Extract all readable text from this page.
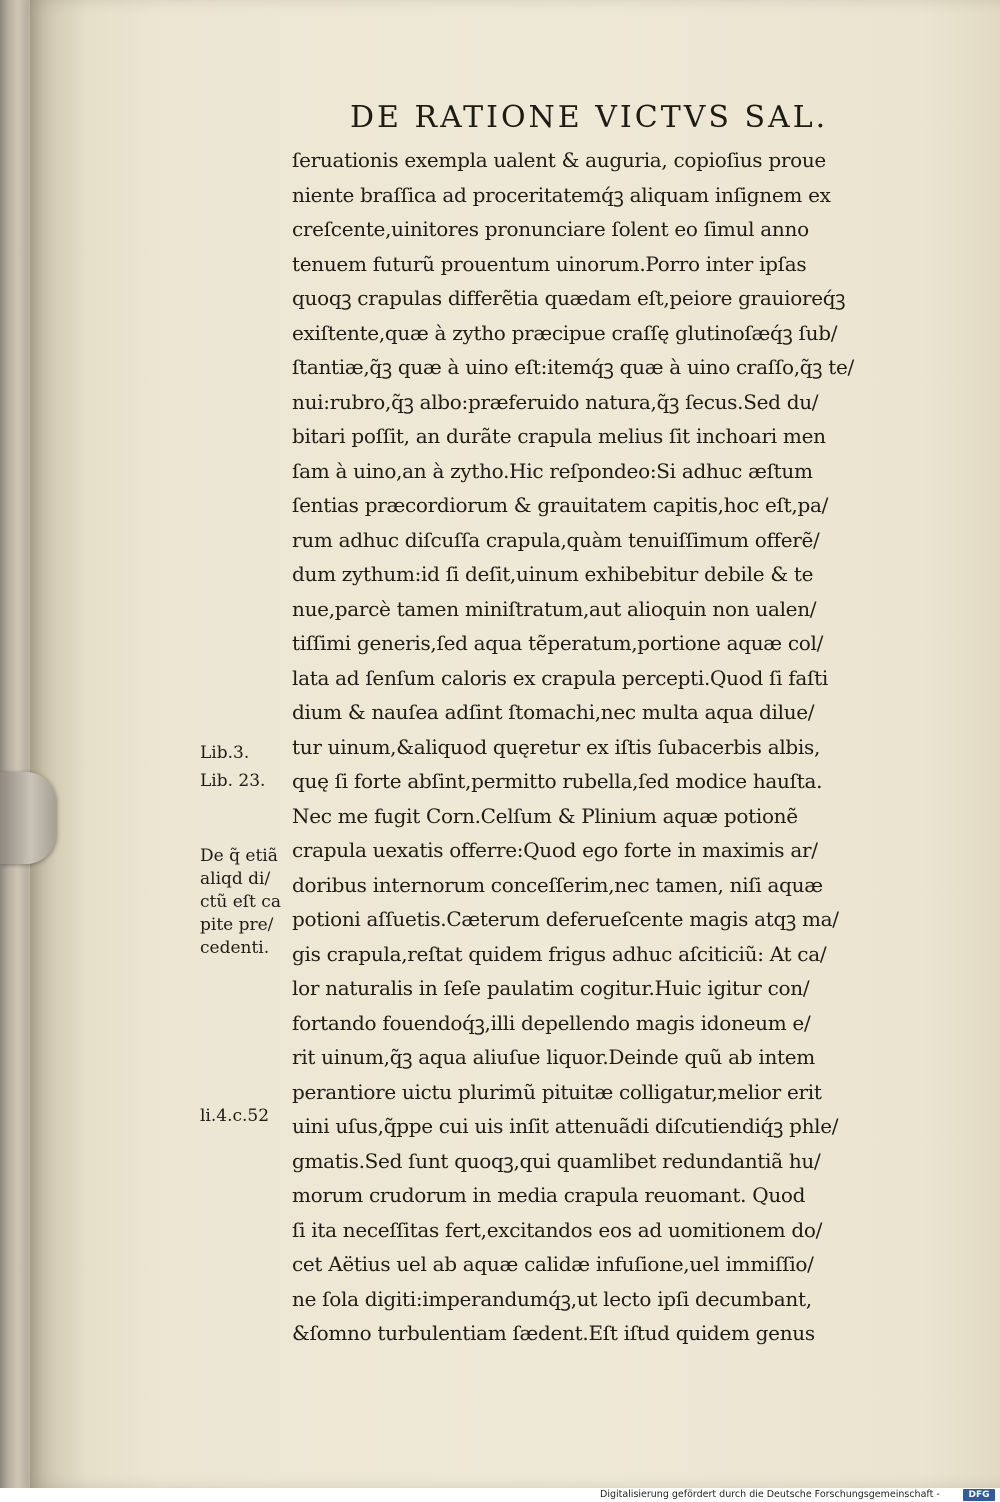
DE RATIONE VICTVS SAL.
ſeruationis exempla ualent & auguria, copioſius proue
niente braſſica ad proceritatemq́ꝫ aliquam inſignem ex
creſcente,uinitores pronunciare ſolent eo ſimul anno
tenuem futurũ prouentum uinorum.Porro inter ipſas
quoqꝫ crapulas differẽtia quædam eſt,peiore grauioreq́ꝫ
exiſtente,quæ à zytho præcipue craſſę glutinoſæq́ꝫ ſub/
ſtantiæ,q̃ꝫ quæ à uino eſt:itemq́ꝫ quæ à uino craſſo,q̃ꝫ te/
nui:rubro,q̃ꝫ albo:præferuido natura,q̃ꝫ ſecus.Sed du/
bitari poſſit, an durãte crapula melius ſit inchoari men
ſam à uino,an à zytho.Hic reſpondeo:Si adhuc æſtum
ſentias præcordiorum & grauitatem capitis,hoc eſt,pa/
rum adhuc diſcuſſa crapula,quàm tenuiſſimum offerẽ/
dum zythum:id ſi deſit,uinum exhibebitur debile & te
nue,parcè tamen miniſtratum,aut alioquin non ualen/
tiſſimi generis,ſed aqua tẽperatum,portione aquæ col/
lata ad ſenſum caloris ex crapula percepti.Quod ſi faſti
dium & nauſea adſint ſtomachi,nec multa aqua dilue/
tur uinum,&aliquod quęretur ex iſtis ſubacerbis albis,
quę ſi forte abſint,permitto rubella,ſed modice hauſta.
Nec me fugit Corn.Celſum & Plinium aquæ potionẽ
crapula uexatis offerre:Quod ego forte in maximis ar/
doribus internorum conceſſerim,nec tamen, niſi aquæ
potioni aſſuetis.Cæterum deferueſcente magis atqꝫ ma/
gis crapula,reſtat quidem frigus adhuc aſciticiũ: At ca/
lor naturalis in ſeſe paulatim cogitur.Huic igitur con/
fortando fouendoq́ꝫ,illi depellendo magis idoneum e/
rit uinum,q̃ꝫ aqua aliuſue liquor.Deinde quũ ab intem
perantiore uictu plurimũ pituitæ colligatur,melior erit
uini uſus,q̃ppe cui uis inſit attenuãdi diſcutiendiq́ꝫ phle/
gmatis.Sed ſunt quoqꝫ,qui quamlibet redundantiã hu/
morum crudorum in media crapula reuomant. Quod
ſi ita neceſſitas fert,excitandos eos ad uomitionem do/
cet Aëtius uel ab aquæ calidæ infuſione,uel immiſſio/
ne ſola digiti:imperandumq́ꝫ,ut lecto ipſi decumbant,
&ſomno turbulentiam ſædent.Eſt iſtud quidem genus
Lib.3.
Lib. 23.
De q̃ etiã
aliqd di/
ctũ eſt ca
pite pre/
cedenti.
li.4.c.52
Digitalisierung gefördert durch die Deutsche Forschungsgemeinschaft -	DFG
